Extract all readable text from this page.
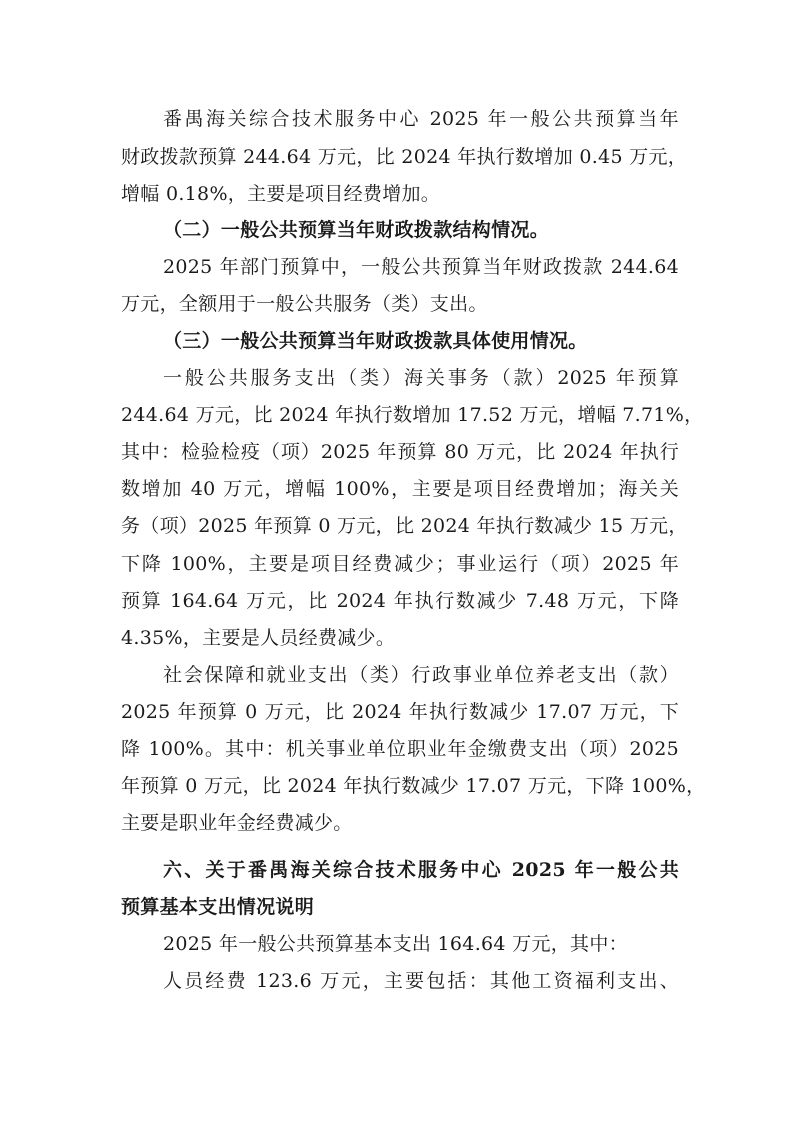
番禺海关综合技术服务中心 2025 年一般公共预算当年
财政拨款预算 244.64 万元，比 2024 年执行数增加 0.45 万元，
增幅 0.18%，主要是项目经费增加。
（二）一般公共预算当年财政拨款结构情况。
2025 年部门预算中，一般公共预算当年财政拨款 244.64
万元，全额用于一般公共服务（类）支出。
（三）一般公共预算当年财政拨款具体使用情况。
一般公共服务支出（类）海关事务（款）2025 年预算
244.64 万元，比 2024 年执行数增加 17.52 万元，增幅 7.71%，
其中：检验检疫（项）2025 年预算 80 万元，比 2024 年执行
数增加 40 万元，增幅 100%，主要是项目经费增加；海关关
务（项）2025 年预算 0 万元，比 2024 年执行数减少 15 万元，
下降 100%，主要是项目经费减少；事业运行（项）2025 年
预算 164.64 万元，比 2024 年执行数减少 7.48 万元，下降
4.35%，主要是人员经费减少。
社会保障和就业支出（类）行政事业单位养老支出（款）
2025 年预算 0 万元，比 2024 年执行数减少 17.07 万元，下
降 100%。其中：机关事业单位职业年金缴费支出（项）2025
年预算 0 万元，比 2024 年执行数减少 17.07 万元，下降 100%，
主要是职业年金经费减少。
六、关于番禺海关综合技术服务中心 2025 年一般公共
预算基本支出情况说明
2025 年一般公共预算基本支出 164.64 万元，其中：
人员经费 123.6 万元，主要包括：其他工资福利支出、
